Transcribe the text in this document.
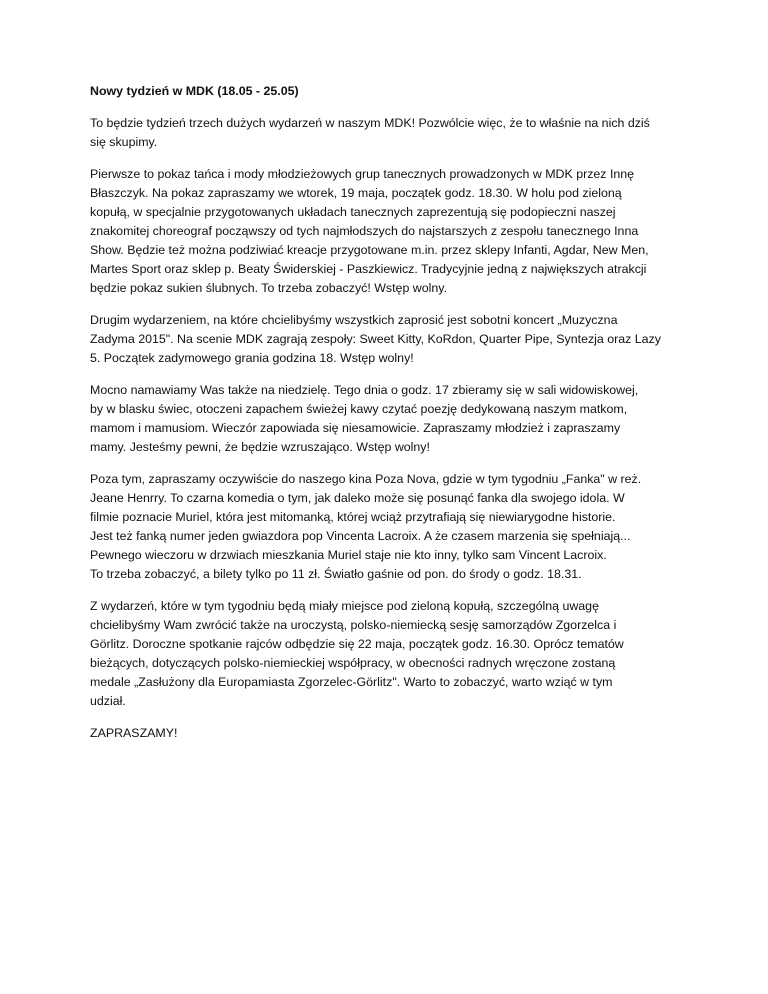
Nowy tydzień w MDK (18.05 - 25.05)
To będzie tydzień trzech dużych wydarzeń w naszym MDK! Pozwólcie więc, że to właśnie na nich dziś
się skupimy.
Pierwsze to pokaz tańca i mody młodzieżowych grup tanecznych prowadzonych w MDK przez Innę
Błaszczyk. Na pokaz zapraszamy we wtorek, 19 maja, początek godz. 18.30. W holu pod zieloną
kopułą, w specjalnie przygotowanych układach tanecznych zaprezentują się podopieczni naszej
znakomitej choreograf począwszy od tych najmłodszych do najstarszych z zespołu tanecznego Inna
Show. Będzie też można podziwiać kreacje przygotowane m.in. przez sklepy Infanti, Agdar, New Men,
Martes Sport oraz sklep p. Beaty Świderskiej - Paszkiewicz. Tradycyjnie jedną z największych atrakcji
będzie pokaz sukien ślubnych. To trzeba zobaczyć! Wstęp wolny.
Drugim wydarzeniem, na które chcielibyśmy wszystkich zaprosić jest sobotni koncert „Muzyczna
Zadyma 2015". Na scenie MDK zagrają zespoły: Sweet Kitty, KoRdon, Quarter Pipe, Syntezja oraz Lazy
5. Początek zadymowego grania godzina 18. Wstęp wolny!
Mocno namawiamy Was także na niedzielę. Tego dnia o godz. 17 zbieramy się w sali widowiskowej,
by w blasku świec, otoczeni zapachem świeżej kawy czytać poezję dedykowaną naszym matkom,
mamom i mamusiom. Wieczór zapowiada się niesamowicie. Zapraszamy młodzież i zapraszamy
mamy. Jesteśmy pewni, że będzie wzruszająco. Wstęp wolny!
Poza tym, zapraszamy oczywiście do naszego kina Poza Nova, gdzie w tym tygodniu „Fanka" w reż.
Jeane Henrry. To czarna komedia o tym, jak daleko może się posunąć fanka dla swojego idola. W
filmie poznacie Muriel, która jest mitomanką, której wciąż przytrafiają się niewiarygodne historie.
Jest też fanką numer jeden gwiazdora pop Vincenta Lacroix. A że czasem marzenia się spełniają...
Pewnego wieczoru w drzwiach mieszkania Muriel staje nie kto inny, tylko sam Vincent Lacroix.
To trzeba zobaczyć, a bilety tylko po 11 zł. Światło gaśnie od pon. do środy o godz. 18.31.
Z wydarzeń, które w tym tygodniu będą miały miejsce pod zieloną kopułą, szczególną uwagę
chcielibyśmy Wam zwrócić także na uroczystą, polsko-niemiecką sesję samorządów Zgorzelca i
Görlitz. Doroczne spotkanie rajców odbędzie się 22 maja, początek godz. 16.30. Oprócz tematów
bieżących, dotyczących polsko-niemieckiej współpracy, w obecności radnych wręczone zostaną
medale „Zasłużony dla Europamiasta Zgorzelec-Görlitz". Warto to zobaczyć, warto wziąć w tym
udział.
ZAPRASZAMY!
